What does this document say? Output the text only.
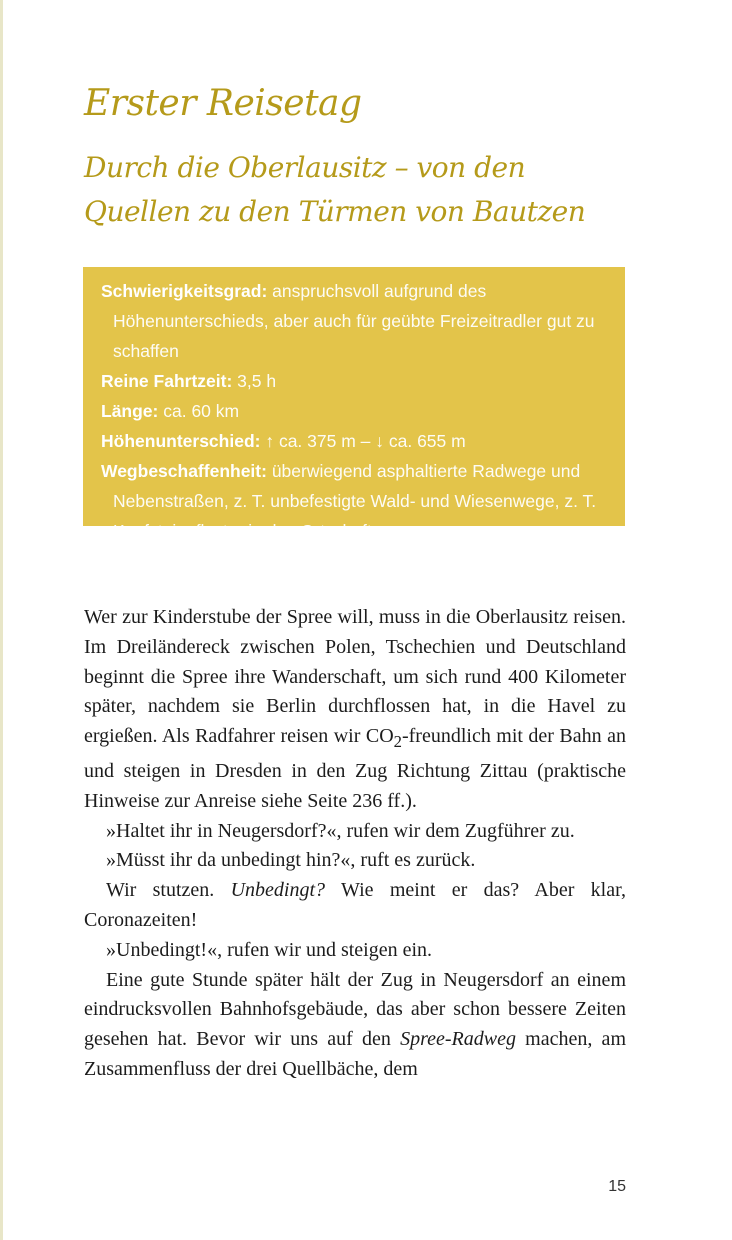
Erster Reisetag
Durch die Oberlausitz – von den
Quellen zu den Türmen von Bautzen

Schwierigkeitsgrad: anspruchsvoll aufgrund des Höhenunterschieds, aber auch für geübte Freizeitradler gut zu schaffen

Reine Fahrtzeit: 3,5 h

Länge: ca. 60 km

Höhenunterschied: ↑ ca. 375 m – ↓ ca. 655 m

Wegbeschaffenheit: überwiegend asphaltierte Radwege und Nebenstraßen, z. T. unbefestigte Wald- und Wiesenwege, z. T. Kopfsteinpflaster in den Ortschaften

Wer zur Kinderstube der Spree will, muss in die Oberlausitz reisen. Im Dreiländereck zwischen Polen, Tschechien und Deutschland beginnt die Spree ihre Wanderschaft, um sich rund 400 Kilometer später, nachdem sie Berlin durchflossen hat, in die Havel zu ergießen. Als Radfahrer reisen wir $CO_2$-freundlich mit der Bahn an und steigen in Dresden in den Zug Richtung Zittau (praktische Hinweise zur Anreise siehe Seite 236 ff.).

»Haltet ihr in Neugersdorf?«, rufen wir dem Zugführer zu.

»Müsst ihr da unbedingt hin?«, ruft es zurück.

Wir stutzen. Unbedingt? Wie meint er das? Aber klar, Coronazeiten!

»Unbedingt!«, rufen wir und steigen ein.

Eine gute Stunde später hält der Zug in Neugersdorf an einem eindrucksvollen Bahnhofsgebäude, das aber schon bessere Zeiten gesehen hat. Bevor wir uns auf den Spree-Radweg machen, am Zusammenfluss der drei Quellbäche, dem

15
